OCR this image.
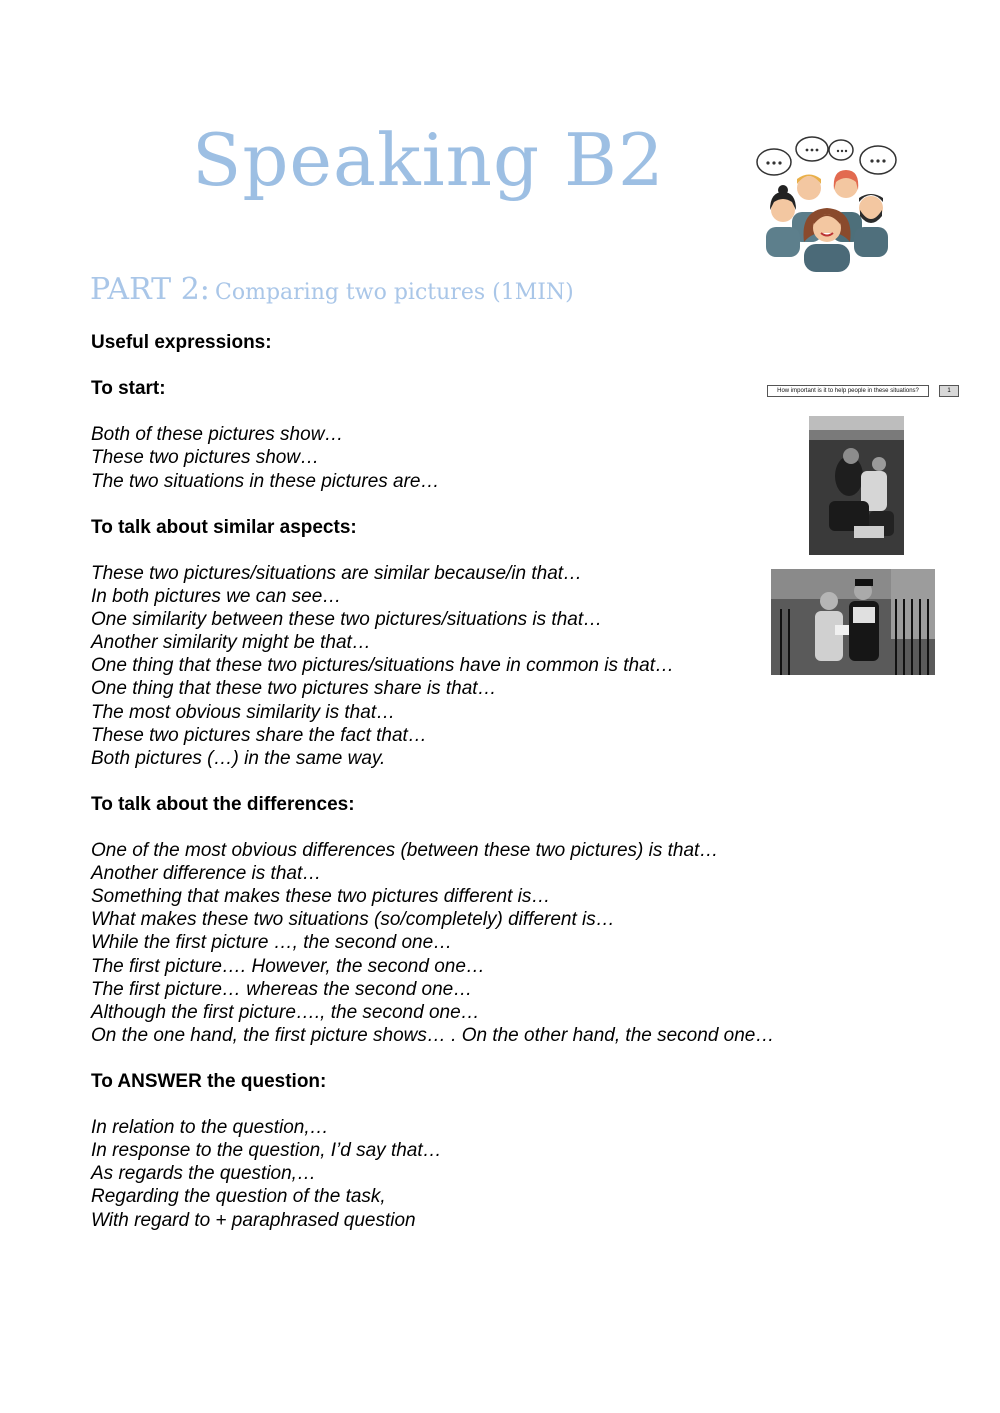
Speaking B2
PART 2: Comparing two pictures (1MIN)
How important is it to help people in these situations?	1

Useful expressions:

To start:

Both of these pictures show…

These two pictures show…

The two situations in these pictures are…

To talk about similar aspects:

These two pictures/situations are similar because/in that…

In both pictures we can see…

One similarity between these two pictures/situations is that…

Another similarity might be that…

One thing that these two pictures/situations have in common is that…

One thing that these two pictures share is that…

The most obvious similarity is that…

These two pictures share the fact that…

Both pictures (…) in the same way.

To talk about the differences:

One of the most obvious differences (between these two pictures) is that…

Another difference is that…

Something that makes these two pictures different is…

What makes these two situations (so/completely) different is…

While the first picture …, the second one…

The first picture…. However, the second one…

The first picture… whereas the second one…

Although the first picture…., the second one…

On the one hand, the first picture shows… . On the other hand, the second one…

To ANSWER the question:

In relation to the question,…

In response to the question, I’d say that…

As regards the question,…

Regarding the question of the task,

With regard to + paraphrased question
